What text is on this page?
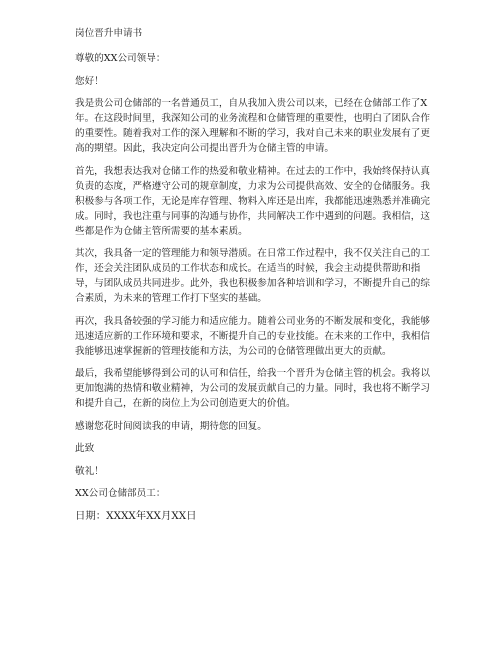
岗位晋升申请书
尊敬的XX公司领导：
您好！
我是贵公司仓储部的一名普通员工，自从我加入贵公司以来，已经在仓储部工作了X年。在这段时间里，我深知公司的业务流程和仓储管理的重要性，也明白了团队合作的重要性。随着我对工作的深入理解和不断的学习，我对自己未来的职业发展有了更高的期望。因此，我决定向公司提出晋升为仓储主管的申请。
首先，我想表达我对仓储工作的热爱和敬业精神。在过去的工作中，我始终保持认真负责的态度，严格遵守公司的规章制度，力求为公司提供高效、安全的仓储服务。我积极参与各项工作，无论是库存管理、物料入库还是出库，我都能迅速熟悉并准确完成。同时，我也注重与同事的沟通与协作，共同解决工作中遇到的问题。我相信，这些都是作为仓储主管所需要的基本素质。
其次，我具备一定的管理能力和领导潜质。在日常工作过程中，我不仅关注自己的工作，还会关注团队成员的工作状态和成长。在适当的时候，我会主动提供帮助和指导，与团队成员共同进步。此外，我也积极参加各种培训和学习，不断提升自己的综合素质，为未来的管理工作打下坚实的基础。
再次，我具备较强的学习能力和适应能力。随着公司业务的不断发展和变化，我能够迅速适应新的工作环境和要求，不断提升自己的专业技能。在未来的工作中，我相信我能够迅速掌握新的管理技能和方法，为公司的仓储管理做出更大的贡献。
最后，我希望能够得到公司的认可和信任，给我一个晋升为仓储主管的机会。我将以更加饱满的热情和敬业精神，为公司的发展贡献自己的力量。同时，我也将不断学习和提升自己，在新的岗位上为公司创造更大的价值。
感谢您花时间阅读我的申请，期待您的回复。
此致
敬礼！
XX公司仓储部员工：
日期：XXXX年XX月XX日
